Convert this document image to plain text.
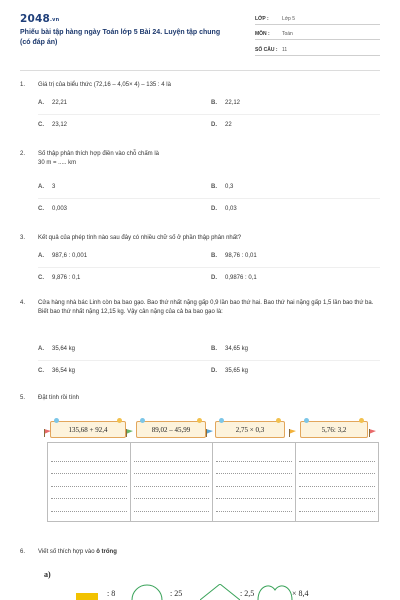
2048.vn
Phiếu bài tập hàng ngày Toán lớp 5 Bài 24. Luyện tập chung (có đáp án)
LỚP :	Lớp 5
MÔN :	Toán
SỐ CÂU : 11
1.	Giá trị của biểu thức (72,16 – 4,05× 4) – 135 : 4 là
A. 22,21	B. 22,12
C. 23,12	D. 22
2.	Số thập phân thích hợp điền vào chỗ chấm là
30 m = ..... km
A. 3	B. 0,3
C. 0,003	D. 0,03
3.	Kết quả của phép tính nào sau đây có nhiều chữ số ở phần thập phân nhất?
A. 987,6 : 0,001	B. 98,76 : 0,01
C. 9,876 : 0,1	D. 0,9876 : 0,1
4.	Cửa hàng nhà bác Linh còn ba bao gạo. Bao thứ nhất nặng gấp 0,9 lần bao thứ hai. Bao thứ hai nặng gấp 1,5 lần bao thứ ba. Biết bao thứ nhất nặng 12,15 kg. Vậy cân nặng của cả ba bao gạo là:
A. 35,64 kg	B. 34,65 kg
C. 36,54 kg	D. 35,65 kg
5.	Đặt tính rồi tính
135,68 + 92,4	89,02 – 45,99	2,75 × 0,3	5,76: 3,2
6.	Viết số thích hợp vào ô trống
a)
: 8	: 25	: 2,5	× 8,4
